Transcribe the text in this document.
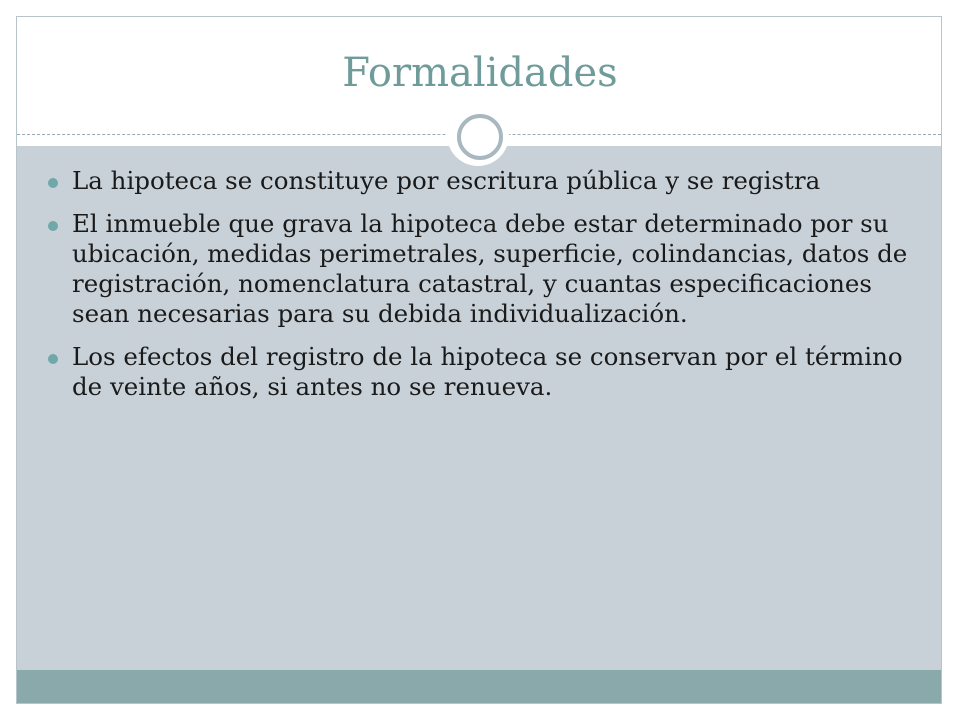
Formalidades
La hipoteca se constituye por escritura pública y se registra
El inmueble que grava la hipoteca debe estar determinado por su ubicación, medidas perimetrales, superficie, colindancias, datos de registración, nomenclatura catastral, y cuantas especificaciones sean necesarias para su debida individualización.
Los efectos del registro de la hipoteca se conservan por el término de veinte años, si antes no se renueva.
